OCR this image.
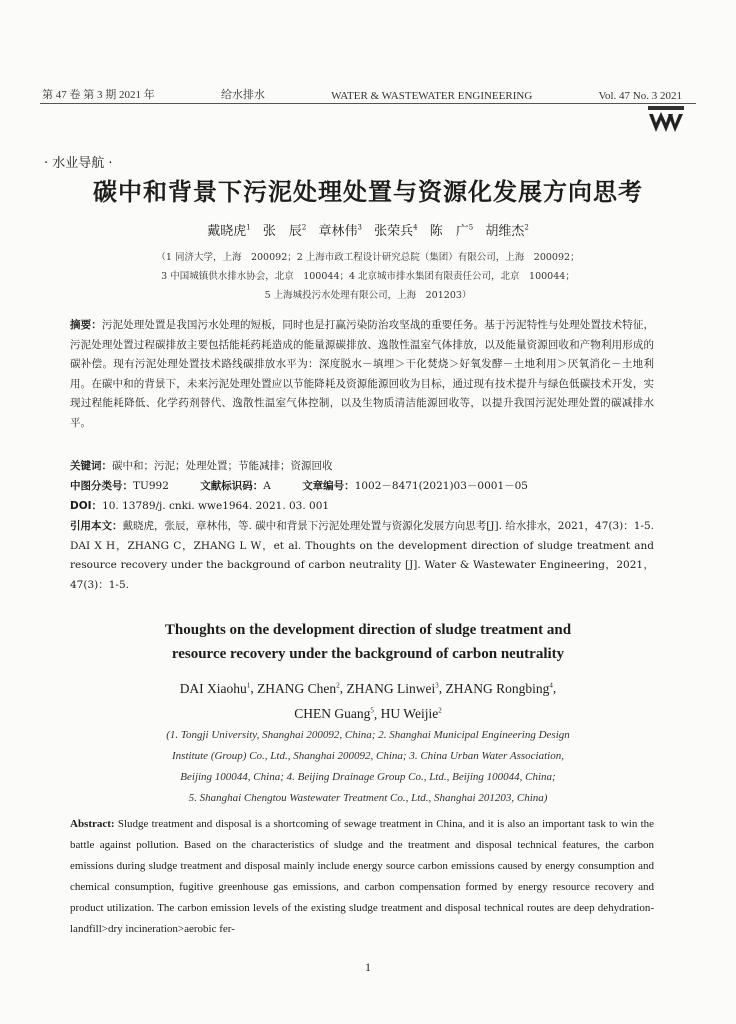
第 47 卷 第 3 期 2021 年	给水排水	WATER & WASTEWATER ENGINEERING	Vol. 47 No. 3 2021
· 水业导航 ·
碳中和背景下污泥处理处置与资源化发展方向思考
戴晓虎$^1$ 张　辰$^2$ 章林伟$^3$ 张荣兵$^4$ 陈　广$^5$ 胡维杰$^2$
（1 同济大学，上海　200092；2 上海市政工程设计研究总院（集团）有限公司，上海　200092；
3 中国城镇供水排水协会，北京　100044；4 北京城市排水集团有限责任公司，北京　100044；
5 上海城投污水处理有限公司，上海　201203）
摘要：污泥处理处置是我国污水处理的短板，同时也是打赢污染防治攻坚战的重要任务。基于污泥特性与处理处置技术特征，污泥处理处置过程碳排放主要包括能耗药耗造成的能量源碳排放、逸散性温室气体排放，以及能量资源回收和产物利用形成的碳补偿。现有污泥处理处置技术路线碳排放水平为：深度脱水－填埋＞干化焚烧＞好氧发酵－土地利用＞厌氧消化－土地利用。在碳中和的背景下，未来污泥处理处置应以节能降耗及资源能源回收为目标，通过现有技术提升与绿色低碳技术开发，实现过程能耗降低、化学药剂替代、逸散性温室气体控制，以及生物质清洁能源回收等，以提升我国污泥处理处置的碳减排水平。
关键词：碳中和；污泥；处理处置；节能减排；资源回收
中图分类号：TU992	文献标识码：A	文章编号：1002－8471(2021)03－0001－05
DOI：10. 13789/j. cnki. wwe1964. 2021. 03. 001
引用本文：戴晓虎，张辰，章林伟，等. 碳中和背景下污泥处理处置与资源化发展方向思考[J]. 给水排水，2021，47(3)：1-5. DAI X H，ZHANG C，ZHANG L W，et al. Thoughts on the development direction of sludge treatment and resource recovery under the background of carbon neutrality [J]. Water & Wastewater Engineering，2021，47(3)：1-5.
Thoughts on the development direction of sludge treatment and
resource recovery under the background of carbon neutrality
DAI Xiaohu$^1$, ZHANG Chen$^2$, ZHANG Linwei$^3$, ZHANG Rongbing$^4$,
CHEN Guang$^5$, HU Weijie$^2$
(1. Tongji University, Shanghai 200092, China; 2. Shanghai Municipal Engineering Design
Institute (Group) Co., Ltd., Shanghai 200092, China; 3. China Urban Water Association,
Beijing 100044, China; 4. Beijing Drainage Group Co., Ltd., Beijing 100044, China;
5. Shanghai Chengtou Wastewater Treatment Co., Ltd., Shanghai 201203, China)
Abstract: Sludge treatment and disposal is a shortcoming of sewage treatment in China, and it is also an important task to win the battle against pollution. Based on the characteristics of sludge and the treatment and disposal technical features, the carbon emissions during sludge treatment and disposal mainly include energy source carbon emissions caused by energy consumption and chemical consumption, fugitive greenhouse gas emissions, and carbon compensation formed by energy resource recovery and product utilization. The carbon emission levels of the existing sludge treatment and disposal technical routes are deep dehydration-landfill>dry incineration>aerobic fer-
1
